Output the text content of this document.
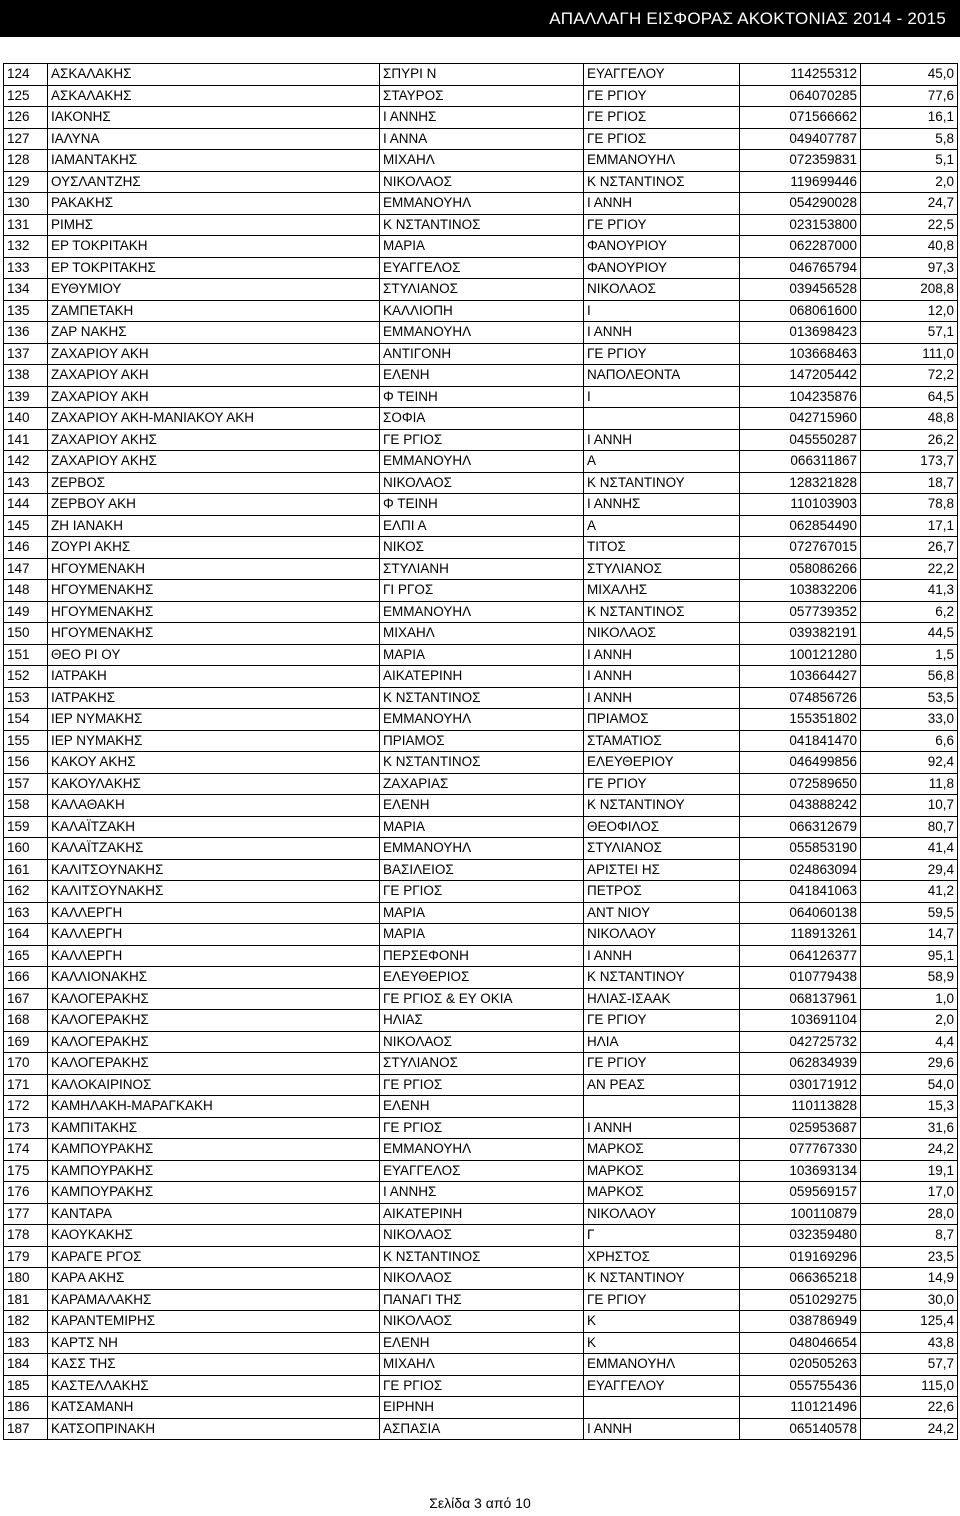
ΑΠΑΛΛΑΓΗ ΕΙΣΦΟΡΑΣ ΑΚΟΚΤΟΝΙΑΣ 2014 - 2015
124	ΑΣΚΑΛΑΚΗΣ	ΣΠΥΡΙ Ν	ΕΥΑΓΓΕΛΟΥ	114255312	45,0
125	ΑΣΚΑΛΑΚΗΣ	ΣΤΑΥΡΟΣ	ΓΕ ΡΓΙΟΥ	064070285	77,6
126	ΙΑΚΟΝΗΣ	Ι ΑΝΝΗΣ	ΓΕ ΡΓΙΟΣ	071566662	16,1
127	ΙΑΛΥΝΑ	Ι ΑΝΝΑ	ΓΕ ΡΓΙΟΣ	049407787	5,8
128	ΙΑΜΑΝΤΑΚΗΣ	ΜΙΧΑΗΛ	ΕΜΜΑΝΟΥΗΛ	072359831	5,1
129	ΟΥΣΛΑΝΤΖΗΣ	ΝΙΚΟΛΑΟΣ	Κ ΝΣΤΑΝΤΙΝΟΣ	119699446	2,0
130	ΡΑΚΑΚΗΣ	ΕΜΜΑΝΟΥΗΛ	Ι ΑΝΝΗ	054290028	24,7
131	ΡΙΜΗΣ	Κ ΝΣΤΑΝΤΙΝΟΣ	ΓΕ ΡΓΙΟΥ	023153800	22,5
132	ΕΡ ΤΟΚΡΙΤΑΚΗ	ΜΑΡΙΑ	ΦΑΝΟΥΡΙΟΥ	062287000	40,8
133	ΕΡ ΤΟΚΡΙΤΑΚΗΣ	ΕΥΑΓΓΕΛΟΣ	ΦΑΝΟΥΡΙΟΥ	046765794	97,3
134	ΕΥΘΥΜΙΟΥ	ΣΤΥΛΙΑΝΟΣ	ΝΙΚΟΛΑΟΣ	039456528	208,8
135	ΖΑΜΠΕΤΑΚΗ	ΚΑΛΛΙΟΠΗ	Ι	068061600	12,0
136	ΖΑΡ ΝΑΚΗΣ	ΕΜΜΑΝΟΥΗΛ	Ι ΑΝΝΗ	013698423	57,1
137	ΖΑΧΑΡΙΟΥ ΑΚΗ	ΑΝΤΙΓΟΝΗ	ΓΕ ΡΓΙΟΥ	103668463	111,0
138	ΖΑΧΑΡΙΟΥ ΑΚΗ	ΕΛΕΝΗ	ΝΑΠΟΛΕΟΝΤΑ	147205442	72,2
139	ΖΑΧΑΡΙΟΥ ΑΚΗ	Φ ΤΕΙΝΗ	Ι	104235876	64,5
140	ΖΑΧΑΡΙΟΥ ΑΚΗ-ΜΑΝΙΑΚΟΥ ΑΚΗ	ΣΟΦΙΑ		042715960	48,8
141	ΖΑΧΑΡΙΟΥ ΑΚΗΣ	ΓΕ ΡΓΙΟΣ	Ι ΑΝΝΗ	045550287	26,2
142	ΖΑΧΑΡΙΟΥ ΑΚΗΣ	ΕΜΜΑΝΟΥΗΛ	Α	066311867	173,7
143	ΖΕΡΒΟΣ	ΝΙΚΟΛΑΟΣ	Κ ΝΣΤΑΝΤΙΝΟΥ	128321828	18,7
144	ΖΕΡΒΟΥ ΑΚΗ	Φ ΤΕΙΝΗ	Ι ΑΝΝΗΣ	110103903	78,8
145	ΖΗ ΙΑΝΑΚΗ	ΕΛΠΙ Α	Α	062854490	17,1
146	ΖΟΥΡΙ ΑΚΗΣ	ΝΙΚΟΣ	ΤΙΤΟΣ	072767015	26,7
147	ΗΓΟΥΜΕΝΑΚΗ	ΣΤΥΛΙΑΝΗ	ΣΤΥΛΙΑΝΟΣ	058086266	22,2
148	ΗΓΟΥΜΕΝΑΚΗΣ	ΓΙ ΡΓΟΣ	ΜΙΧΑΛΗΣ	103832206	41,3
149	ΗΓΟΥΜΕΝΑΚΗΣ	ΕΜΜΑΝΟΥΗΛ	Κ ΝΣΤΑΝΤΙΝΟΣ	057739352	6,2
150	ΗΓΟΥΜΕΝΑΚΗΣ	ΜΙΧΑΗΛ	ΝΙΚΟΛΑΟΣ	039382191	44,5
151	ΘΕΟ ΡΙ ΟΥ	ΜΑΡΙΑ	Ι ΑΝΝΗ	100121280	1,5
152	ΙΑΤΡΑΚΗ	ΑΙΚΑΤΕΡΙΝΗ	Ι ΑΝΝΗ	103664427	56,8
153	ΙΑΤΡΑΚΗΣ	Κ ΝΣΤΑΝΤΙΝΟΣ	Ι ΑΝΝΗ	074856726	53,5
154	ΙΕΡ ΝΥΜΑΚΗΣ	ΕΜΜΑΝΟΥΗΛ	ΠΡΙΑΜΟΣ	155351802	33,0
155	ΙΕΡ ΝΥΜΑΚΗΣ	ΠΡΙΑΜΟΣ	ΣΤΑΜΑΤΙΟΣ	041841470	6,6
156	ΚΑΚΟΥ ΑΚΗΣ	Κ ΝΣΤΑΝΤΙΝΟΣ	ΕΛΕΥΘΕΡΙΟΥ	046499856	92,4
157	ΚΑΚΟΥΛΑΚΗΣ	ΖΑΧΑΡΙΑΣ	ΓΕ ΡΓΙΟΥ	072589650	11,8
158	ΚΑΛΑΘΑΚΗ	ΕΛΕΝΗ	Κ ΝΣΤΑΝΤΙΝΟΥ	043888242	10,7
159	ΚΑΛΑΪΤΖΑΚΗ	ΜΑΡΙΑ	ΘΕΟΦΙΛΟΣ	066312679	80,7
160	ΚΑΛΑΪΤΖΑΚΗΣ	ΕΜΜΑΝΟΥΗΛ	ΣΤΥΛΙΑΝΟΣ	055853190	41,4
161	ΚΑΛΙΤΣΟΥΝΑΚΗΣ	ΒΑΣΙΛΕΙΟΣ	ΑΡΙΣΤΕΙ ΗΣ	024863094	29,4
162	ΚΑΛΙΤΣΟΥΝΑΚΗΣ	ΓΕ ΡΓΙΟΣ	ΠΕΤΡΟΣ	041841063	41,2
163	ΚΑΛΛΕΡΓΗ	ΜΑΡΙΑ	ΑΝΤ ΝΙΟΥ	064060138	59,5
164	ΚΑΛΛΕΡΓΗ	ΜΑΡΙΑ	ΝΙΚΟΛΑΟΥ	118913261	14,7
165	ΚΑΛΛΕΡΓΗ	ΠΕΡΣΕΦΟΝΗ	Ι ΑΝΝΗ	064126377	95,1
166	ΚΑΛΛΙΟΝΑΚΗΣ	ΕΛΕΥΘΕΡΙΟΣ	Κ ΝΣΤΑΝΤΙΝΟΥ	010779438	58,9
167	ΚΑΛΟΓΕΡΑΚΗΣ	ΓΕ ΡΓΙΟΣ & ΕΥ ΟΚΙΑ	ΗΛΙΑΣ-ΙΣΑΑΚ	068137961	1,0
168	ΚΑΛΟΓΕΡΑΚΗΣ	ΗΛΙΑΣ	ΓΕ ΡΓΙΟΥ	103691104	2,0
169	ΚΑΛΟΓΕΡΑΚΗΣ	ΝΙΚΟΛΑΟΣ	ΗΛΙΑ	042725732	4,4
170	ΚΑΛΟΓΕΡΑΚΗΣ	ΣΤΥΛΙΑΝΟΣ	ΓΕ ΡΓΙΟΥ	062834939	29,6
171	ΚΑΛΟΚΑΙΡΙΝΟΣ	ΓΕ ΡΓΙΟΣ	ΑΝ ΡΕΑΣ	030171912	54,0
172	ΚΑΜΗΛΑΚΗ-ΜΑΡΑΓΚΑΚΗ	ΕΛΕΝΗ		110113828	15,3
173	ΚΑΜΠΙΤΑΚΗΣ	ΓΕ ΡΓΙΟΣ	Ι ΑΝΝΗ	025953687	31,6
174	ΚΑΜΠΟΥΡΑΚΗΣ	ΕΜΜΑΝΟΥΗΛ	ΜΑΡΚΟΣ	077767330	24,2
175	ΚΑΜΠΟΥΡΑΚΗΣ	ΕΥΑΓΓΕΛΟΣ	ΜΑΡΚΟΣ	103693134	19,1
176	ΚΑΜΠΟΥΡΑΚΗΣ	Ι ΑΝΝΗΣ	ΜΑΡΚΟΣ	059569157	17,0
177	ΚΑΝΤΑΡΑ	ΑΙΚΑΤΕΡΙΝΗ	ΝΙΚΟΛΑΟΥ	100110879	28,0
178	ΚΑΟΥΚΑΚΗΣ	ΝΙΚΟΛΑΟΣ	Γ	032359480	8,7
179	ΚΑΡΑΓΕ ΡΓΟΣ	Κ ΝΣΤΑΝΤΙΝΟΣ	ΧΡΗΣΤΟΣ	019169296	23,5
180	ΚΑΡΑ ΑΚΗΣ	ΝΙΚΟΛΑΟΣ	Κ ΝΣΤΑΝΤΙΝΟΥ	066365218	14,9
181	ΚΑΡΑΜΑΛΑΚΗΣ	ΠΑΝΑΓΙ ΤΗΣ	ΓΕ ΡΓΙΟΥ	051029275	30,0
182	ΚΑΡΑΝΤΕΜΙΡΗΣ	ΝΙΚΟΛΑΟΣ	Κ	038786949	125,4
183	ΚΑΡΤΣ ΝΗ	ΕΛΕΝΗ	Κ	048046654	43,8
184	ΚΑΣΣ ΤΗΣ	ΜΙΧΑΗΛ	ΕΜΜΑΝΟΥΗΛ	020505263	57,7
185	ΚΑΣΤΕΛΛΑΚΗΣ	ΓΕ ΡΓΙΟΣ	ΕΥΑΓΓΕΛΟΥ	055755436	115,0
186	ΚΑΤΣΑΜΑΝΗ	ΕΙΡΗΝΗ		110121496	22,6
187	ΚΑΤΣΟΠΡΙΝΑΚΗ	ΑΣΠΑΣΙΑ	Ι ΑΝΝΗ	065140578	24,2
Σελίδα 3 από 10
